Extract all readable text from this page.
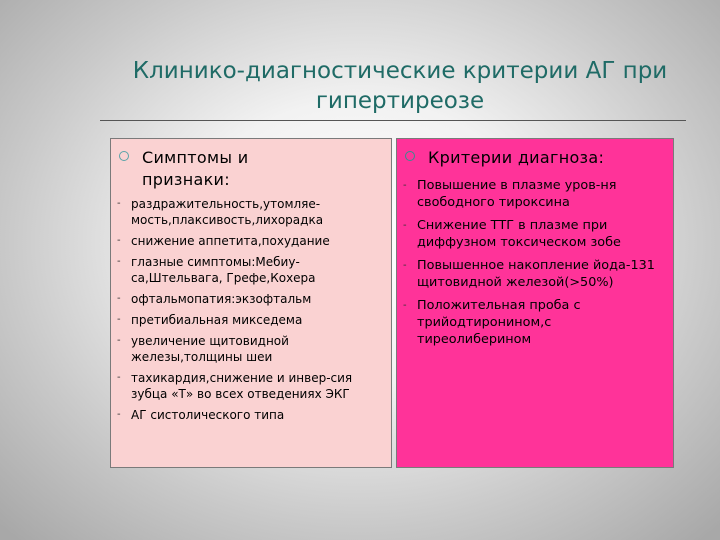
Клинико-диагностические критерии АГ при гипертиреозе
Симптомы и
признаки:
- раздражительность,утомляе-мость,плаксивость,лихорадка
- снижение аппетита,похудание
- глазные симптомы:Мебиу-са,Штельвага, Грефе,Кохера
- офтальмопатия:экзофтальм
- претибиальная микседема
- увеличение щитовидной железы,толщины шеи
- тахикардия,снижение и инвер-сия зубца «Т» во всех отведениях ЭКГ
- АГ систолического типа
Критерии диагноза:
- Повышение в плазме уров-ня свободного тироксина
- Снижение ТТГ в плазме при диффузном токсическом зобе
- Повышенное накопление йода-131 щитовидной железой(>50%)
- Положительная проба с трийодтиронином,с тиреолиберином
